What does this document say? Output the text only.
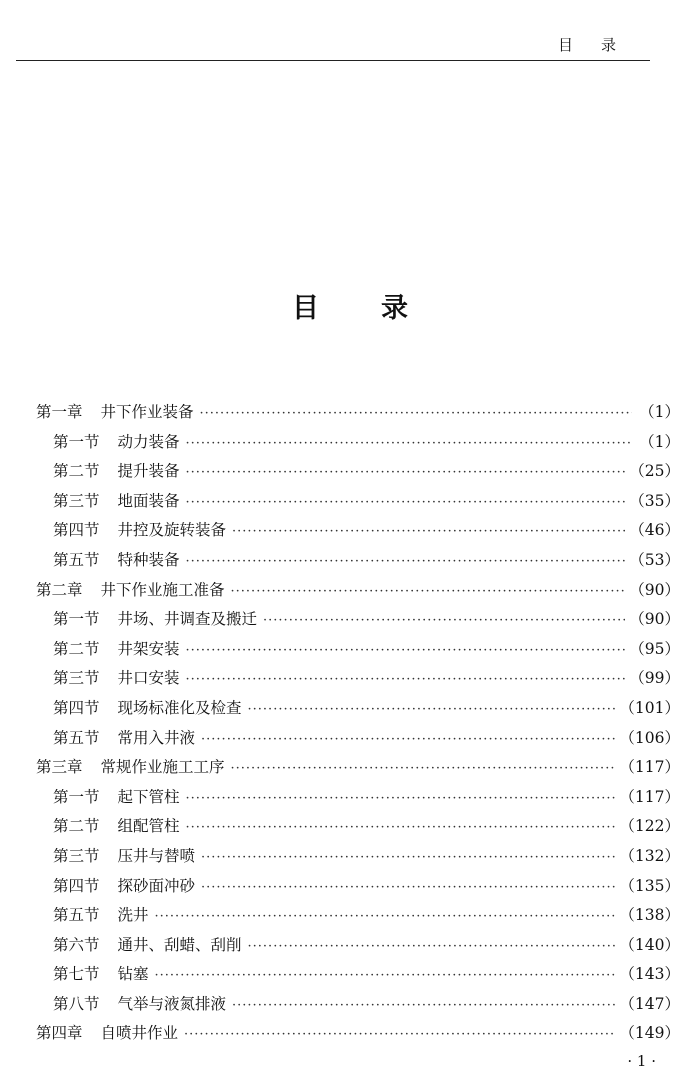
目录
目录
第一章 井下作业装备 ·····	（1）
第一节 动力装备 ·····	（1）
第二节 提升装备 ·····	（25）
第三节 地面装备 ·····	（35）
第四节 井控及旋转装备 ·····	（46）
第五节 特种装备 ·····	（53）
第二章 井下作业施工准备 ·····	（90）
第一节 井场、井调查及搬迁 ·····	（90）
第二节 井架安装 ·····	（95）
第三节 井口安装 ·····	（99）
第四节 现场标准化及检查 ·····	（101）
第五节 常用入井液 ·····	（106）
第三章 常规作业施工工序 ·····	（117）
第一节 起下管柱 ·····	（117）
第二节 组配管柱 ·····	（122）
第三节 压井与替喷 ·····	（132）
第四节 探砂面冲砂 ·····	（135）
第五节 洗井 ·····	（138）
第六节 通井、刮蜡、刮削 ·····	（140）
第七节 钻塞 ·····	（143）
第八节 气举与液氮排液 ·····	（147）
第四章 自喷井作业 ·····	（149）
· 1 ·
